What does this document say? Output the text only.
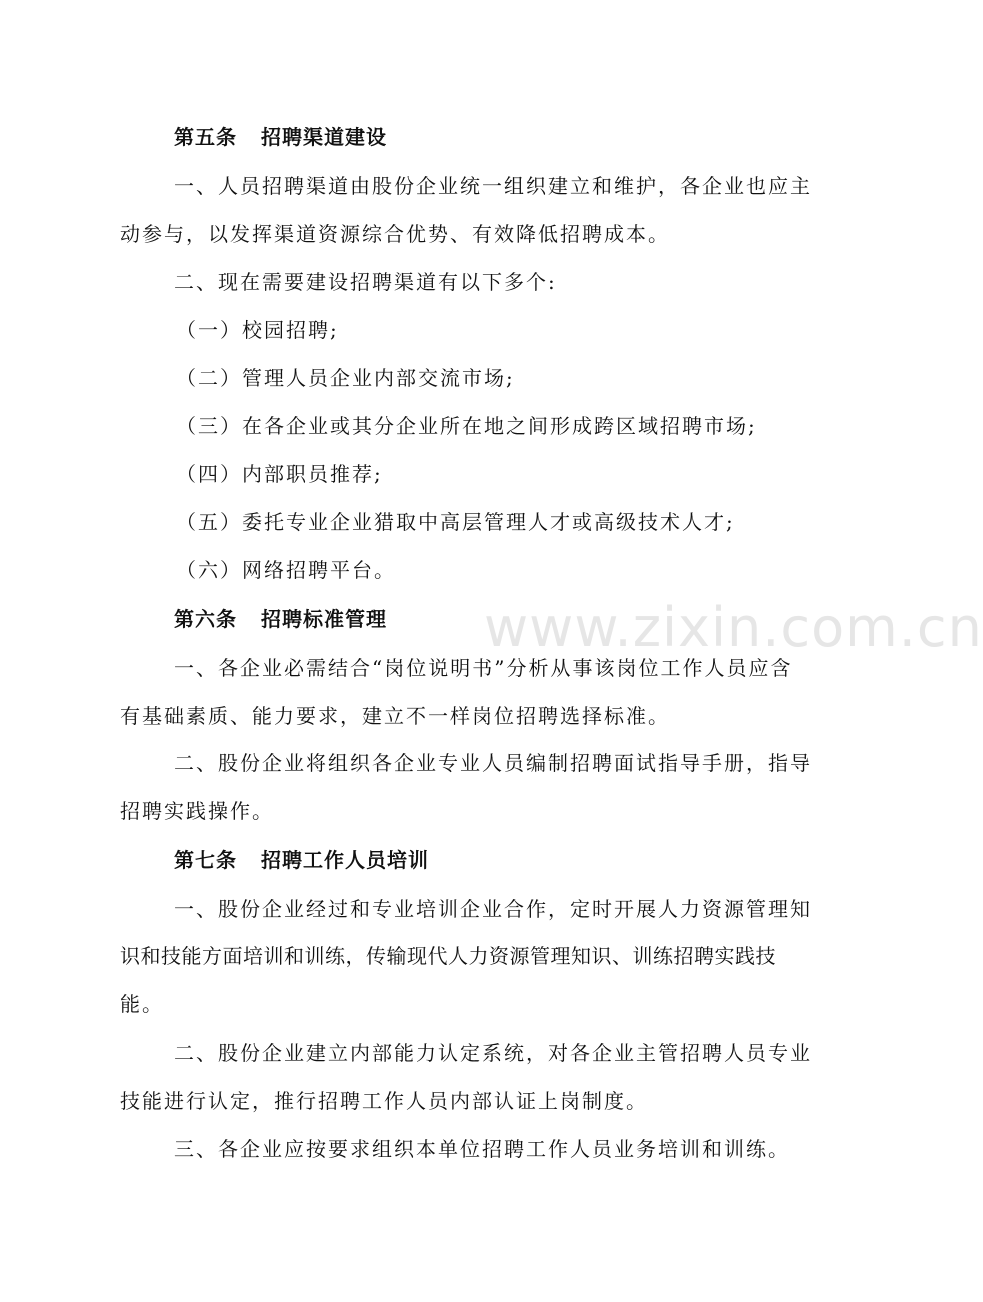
www.zixin.com.cn
第五条 招聘渠道建设
一、人员招聘渠道由股份企业统一组织建立和维护，各企业也应主
动参与，以发挥渠道资源综合优势、有效降低招聘成本。
二、现在需要建设招聘渠道有以下多个:
（一）校园招聘;
（二）管理人员企业内部交流市场;
（三）在各企业或其分企业所在地之间形成跨区域招聘市场;
（四）内部职员推荐;
（五）委托专业企业猎取中高层管理人才或高级技术人才;
（六）网络招聘平台。
第六条 招聘标准管理
一、各企业必需结合“岗位说明书”分析从事该岗位工作人员应含
有基础素质、能力要求，建立不一样岗位招聘选择标准。
二、股份企业将组织各企业专业人员编制招聘面试指导手册，指导
招聘实践操作。
第七条 招聘工作人员培训
一、股份企业经过和专业培训企业合作，定时开展人力资源管理知
识和技能方面培训和训练，传输现代人力资源管理知识、训练招聘实践技
能。
二、股份企业建立内部能力认定系统，对各企业主管招聘人员专业
技能进行认定，推行招聘工作人员内部认证上岗制度。
三、各企业应按要求组织本单位招聘工作人员业务培训和训练。
